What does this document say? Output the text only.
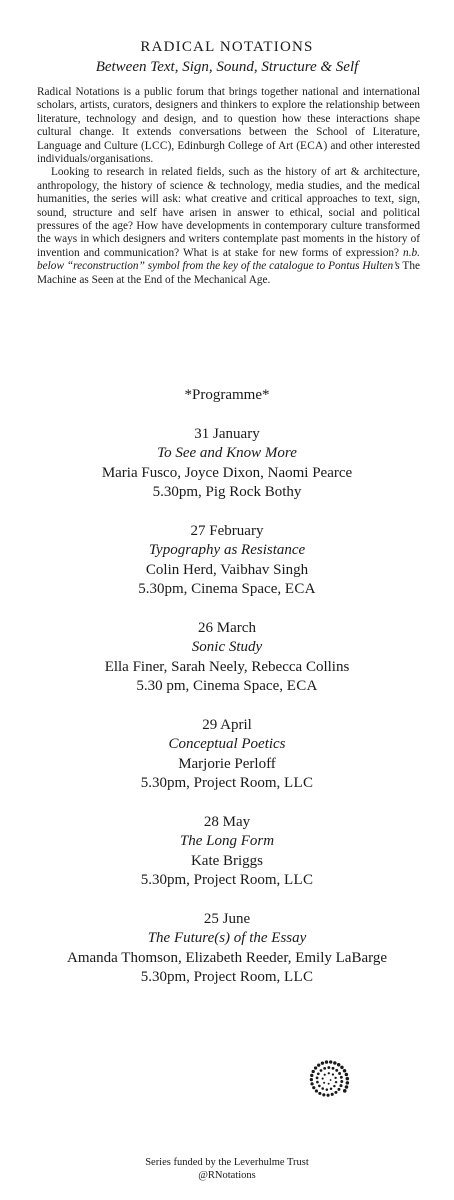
RADICAL NOTATIONS
Between Text, Sign, Sound, Structure & Self

Radical Notations is a public forum that brings together national and international scholars, artists, curators, designers and thinkers to explore the relationship between literature, technology and design, and to question how these interactions shape cultural change. It extends conversations between the School of Literature, Language and Culture (LCC), Edinburgh College of Art (ECA) and other interested individuals/organisations.

Looking to research in related fields, such as the history of art & architecture, anthropology, the history of science & technology, media studies, and the medical humanities, the series will ask: what creative and critical approaches to text, sign, sound, structure and self have arisen in answer to ethical, social and political pressures of the age? How have developments in contemporary culture transformed the ways in which designers and writers contemplate past moments in the history of invention and communication? What is at stake for new forms of expression? n.b. below “reconstruction” symbol from the key of the catalogue to Pontus Hulten’s The Machine as Seen at the End of the Mechanical Age.

*Programme*
31 January
To See and Know More
Maria Fusco, Joyce Dixon, Naomi Pearce
5.30pm, Pig Rock Bothy
27 February
Typography as Resistance
Colin Herd, Vaibhav Singh
5.30pm, Cinema Space, ECA
26 March
Sonic Study
Ella Finer, Sarah Neely, Rebecca Collins
5.30 pm, Cinema Space, ECA
29 April
Conceptual Poetics
Marjorie Perloff
5.30pm, Project Room, LLC
28 May
The Long Form
Kate Briggs
5.30pm, Project Room, LLC
25 June
The Future(s) of the Essay
Amanda Thomson, Elizabeth Reeder, Emily LaBarge
5.30pm, Project Room, LLC
Series funded by the Leverhulme Trust
@RNotations
